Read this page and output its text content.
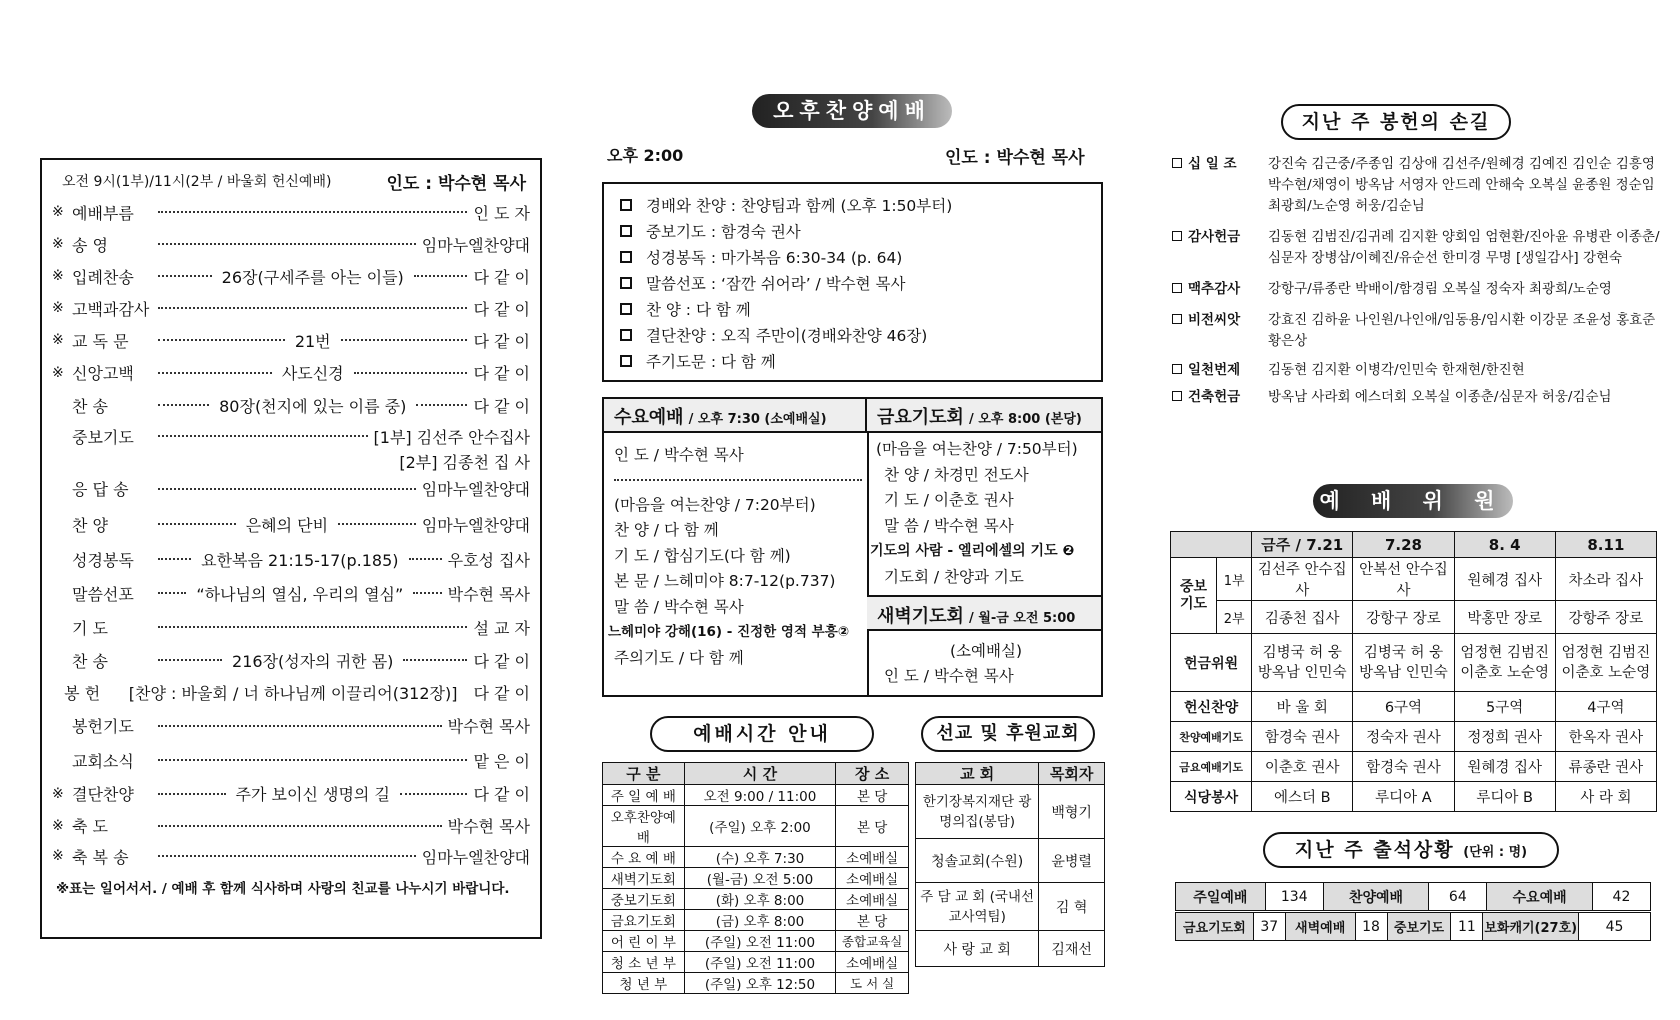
오전 9시(1부)/11시(2부 / 바울회 헌신예배)	인도 : 박수현 목사
※ 예배부름	인 도 자
※ 송 영	임마누엘찬양대
※ 입례찬송	26장(구세주를 아는 이들)	다 같 이
※ 고백과감사	다 같 이
※ 교 독 문	21번	다 같 이
※ 신앙고백	사도신경	다 같 이
찬 송	80장(천지에 있는 이름 중)	다 같 이
중보기도	[1부] 김선주 안수집사
[2부] 김종천 집 사
응 답 송	임마누엘찬양대
찬 양	은혜의 단비	임마누엘찬양대
성경봉독	요한복음 21:15-17(p.185)	우호성 집사
말씀선포	“하나님의 열심, 우리의 열심”	박수현 목사
기 도	설 교 자
찬 송	216장(성자의 귀한 몸)	다 같 이
봉 헌	[찬양 : 바울회 / 너 하나님께 이끌리어(312장)] 다 같 이
봉헌기도	박수현 목사
교회소식	맡 은 이
※ 결단찬양	주가 보이신 생명의 길	다 같 이
※ 축 도	박수현 목사
※ 축 복 송	임마누엘찬양대
※표는 일어서서. / 예배 후 함께 식사하며 사랑의 친교를 나누시기 바랍니다.
오후찬양예배
오후 2:00	인도 : 박수현 목사
경배와 찬양 : 찬양팀과 함께 (오후 1:50부터)
중보기도 : 함경숙 권사
성경봉독 : 마가복음 6:30-34 (p. 64)
말씀선포 : ‘잠깐 쉬어라’ / 박수현 목사
찬 양 : 다 함 께
결단찬양 : 오직 주만이(경배와찬양 46장)
주기도문 : 다 함 께
수요예배 / 오후 7:30 (소예배실)	금요기도회 / 오후 8:00 (본당)
인 도 / 박수현 목사
(마음을 여는찬양 / 7:20부터)
찬 양 / 다 함 께
기 도 / 합심기도(다 함 께)
본 문 / 느헤미야 8:7-12(p.737)
말 씀 / 박수현 목사
느헤미야 강해(16) - 진정한 영적 부흥②
주의기도 / 다 함 께
(마음을 여는찬양 / 7:50부터)
찬 양 / 차경민 전도사
기 도 / 이춘호 권사
말 씀 / 박수현 목사
기도의 사람 - 엘리에셀의 기도 ❷
기도회 / 찬양과 기도
새벽기도회 / 월-금 오전 5:00
(소예배실)
인 도 / 박수현 목사
예배시간 안내
구 분	시 간	장 소
주 일 예 배	오전 9:00 / 11:00	본 당
오후찬양예배	(주일) 오후 2:00	본 당
수 요 예 배	(수) 오후 7:30	소예배실
새벽기도회	(월-금) 오전 5:00	소예배실
중보기도회	(화) 오후 8:00	소예배실
금요기도회	(금) 오후 8:00	본 당
어 린 이 부	(주일) 오전 11:00	종합교육실
청 소 년 부	(주일) 오전 11:00	소예배실
청 년 부	(주일) 오후 12:50	도 서 실
선교 및 후원교회
교 회	목회자
한기장복지재단 광명의집(봉담)	백형기
청솔교회(수원)	윤병렬
주 담 교 회 (국내선교사역팀)	김 혁
사 랑 교 회	김재선
지난 주 봉헌의 손길
십 일 조	강진숙 김근중/주종임 김상애 김선주/원혜경 김예진 김인순 김흥영 박수현/채영이 방옥남 서영자 안드레 안해숙 오복실 윤종원 정순임 최광희/노순영 허웅/김순님
감사헌금	김동현 김범진/김귀례 김지환 양회임 엄현환/진아윤 유병관 이종춘/심문자 장병삼/이혜진/유순선 한미경 무명 [생일감사] 강현숙
맥추감사	강항구/류종란 박배이/함경림 오복실 정숙자 최광희/노순영
비전씨앗	강효진 김하윤 나인원/나인애/임동용/임시환 이강문 조윤성 홍효준 황은상
일천번제	김동현 김지환 이병각/인민숙 한재현/한진현
건축헌금	방옥남 사라회 에스더회 오복실 이종춘/심문자 허웅/김순님
예 배 위 원
		금주 / 7.21	7.28	8. 4	8.11
중보기도	1부	김선주 안수집사	안복선 안수집사	원혜경 집사	차소라 집사
	2부	김종천 집사	강항구 장로	박홍만 장로	강항주 장로
헌금위원		김병국 허 웅 방옥남 인민숙	김병국 허 웅 방옥남 인민숙	엄정현 김범진 이춘호 노순영	엄정현 김범진 이춘호 노순영
헌신찬양		바 울 회	6구역	5구역	4구역
찬양예배기도		함경숙 권사	정숙자 권사	정정희 권사	한옥자 권사
금요예배기도		이춘호 권사	함경숙 권사	원혜경 집사	류종란 권사
식당봉사		에스더 B	루디아 A	루디아 B	사 라 회
지난 주 출석상황 (단위 : 명)
주일예배	134	찬양예배	64	수요예배	42
금요기도회	37	새벽예배	18	중보기도	11	보화캐기(27호)	45
